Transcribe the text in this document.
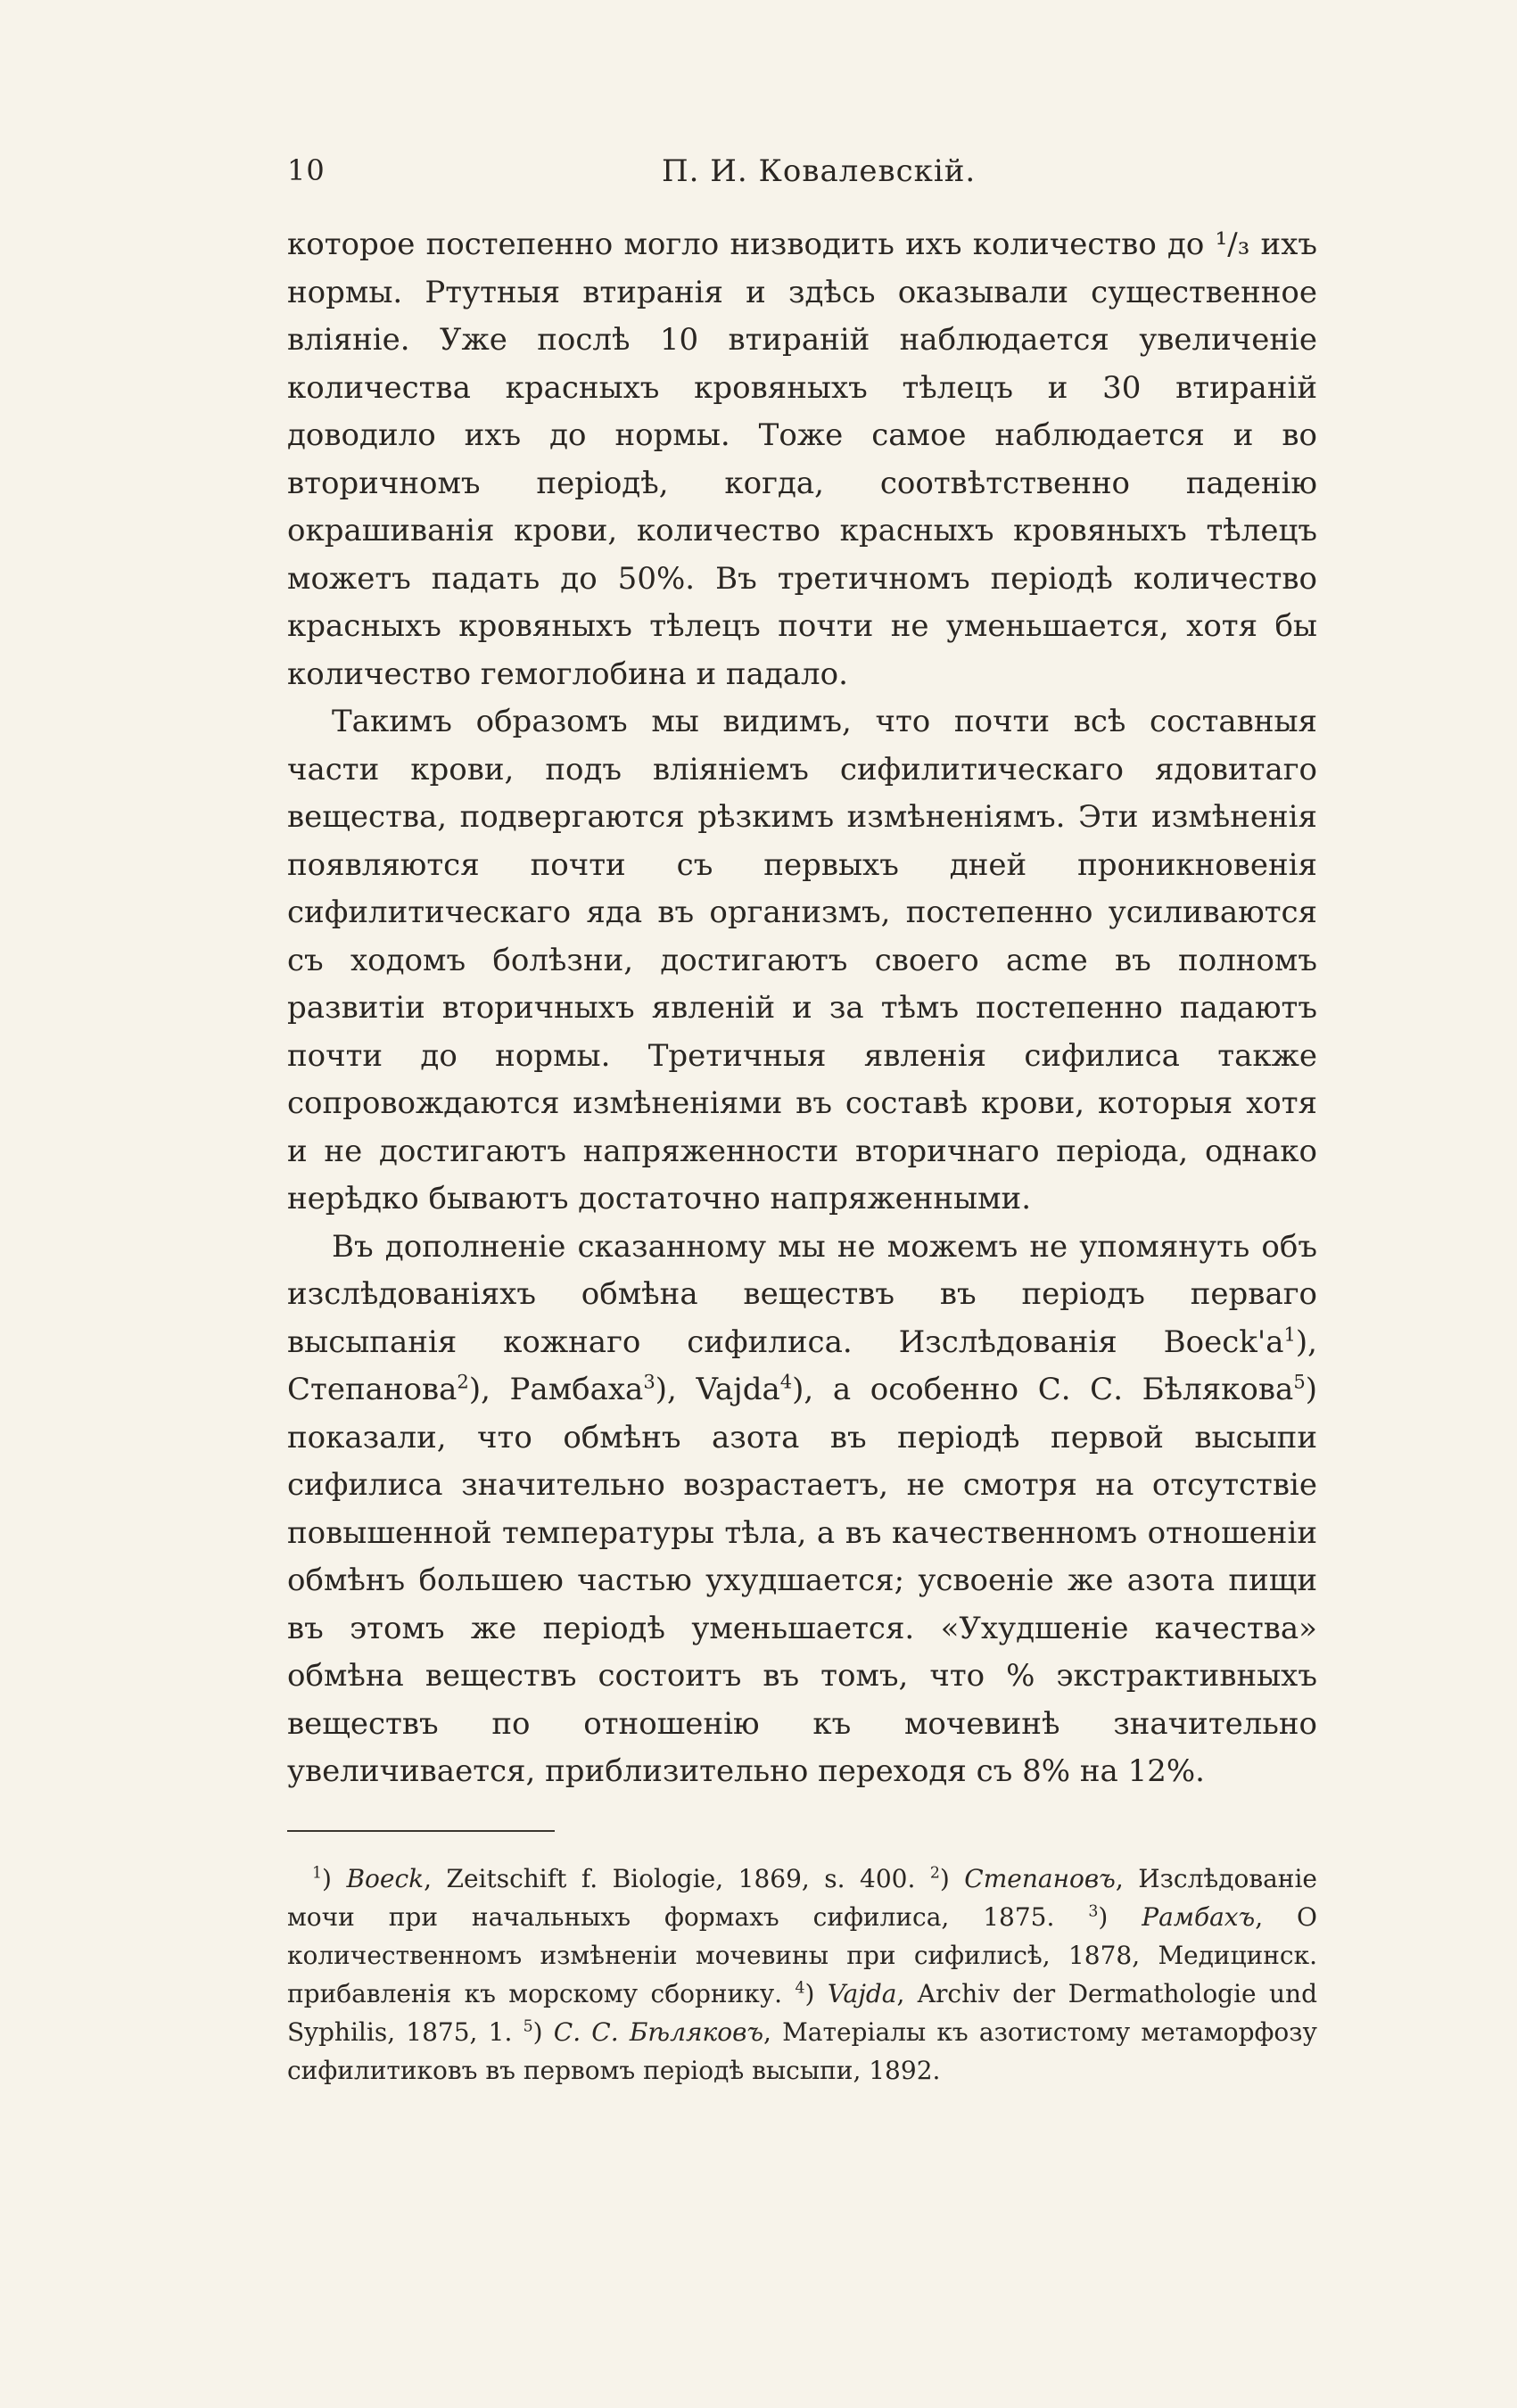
10	П. И. Ковалевскій.

которое постепенно могло низводить ихъ количество до ¹/₃ ихъ нормы. Ртутныя втиранія и здѣсь оказывали существенное вліяніе. Уже послѣ 10 втираній наблюдается увеличеніе количества красныхъ кровяныхъ тѣлецъ и 30 втираній доводило ихъ до нормы. Тоже самое наблюдается и во вторичномъ періодѣ, когда, соотвѣтственно паденію окрашиванія крови, количество красныхъ кровяныхъ тѣлецъ можетъ падать до 50%. Въ третичномъ періодѣ количество красныхъ кровяныхъ тѣлецъ почти не уменьшается, хотя бы количество гемоглобина и падало.

Такимъ образомъ мы видимъ, что почти всѣ составныя части крови, подъ вліяніемъ сифилитическаго ядовитаго вещества, подвергаются рѣзкимъ измѣненіямъ. Эти измѣненія появляются почти съ первыхъ дней проникновенія сифилитическаго яда въ организмъ, постепенно усиливаются съ ходомъ болѣзни, достигаютъ своего acme въ полномъ развитіи вторичныхъ явленій и за тѣмъ постепенно падаютъ почти до нормы. Третичныя явленія сифилиса также сопровождаются измѣненіями въ составѣ крови, которыя хотя и не достигаютъ напряженности вторичнаго періода, однако нерѣдко бываютъ достаточно напряженными.

Въ дополненіе сказанному мы не можемъ не упомянуть объ изслѣдованіяхъ обмѣна веществъ въ періодъ перваго высыпанія кожнаго сифилиса. Изслѣдованія $Boeck'a^1$), Степанова$^2$), Рамбаха$^3$), Vajda$^4$), а особенно С. С. Бѣлякова$^5$) показали, что обмѣнъ азота въ періодѣ первой высыпи сифилиса значительно возрастаетъ, не смотря на отсутствіе повышенной температуры тѣла, а въ качественномъ отношеніи обмѣнъ большею частью ухудшается; усвоеніе же азота пищи въ этомъ же періодѣ уменьшается. «Ухудшеніе качества» обмѣна веществъ состоитъ въ томъ, что % экстрактивныхъ веществъ по отношенію къ мочевинѣ значительно увеличивается, приблизительно переходя съ 8% на 12%.

$^1$) Boeck, Zeitschift f. Biologie, 1869, s. 400. $^2$) Степановъ, Изслѣдованіе мочи при начальныхъ формахъ сифилиса, 1875. $^3$) Рамбахъ, О количественномъ измѣненіи мочевины при сифилисѣ, 1878, Медицинск. прибавленія къ морскому сборнику. $^4$) Vajda, Archiv der Dermathologie und Syphilis, 1875, 1. $^5$) С. С. Бѣляковъ, Матеріалы къ азотистому метаморфозу сифилитиковъ въ первомъ періодѣ высыпи, 1892.
